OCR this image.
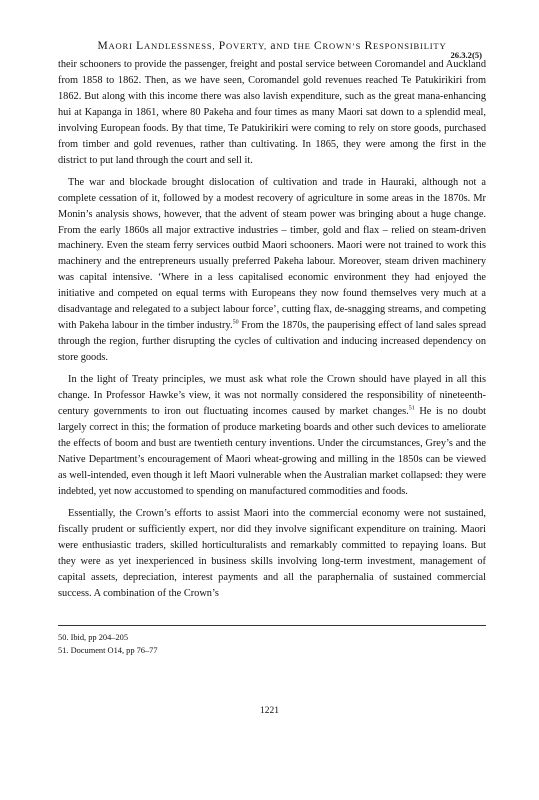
MAORI LANDLESSNESS, POVERTY, aND tHE CROWN’S RESPONSIBILITY
26.3.2(5)

their schooners to provide the passenger, freight and postal service between Coromandel and Auckland from 1858 to 1862. Then, as we have seen, Coromandel gold revenues reached Te Patukirikiri from 1862. But along with this income there was also lavish expenditure, such as the great mana-enhancing hui at Kapanga in 1861, where 80 Pakeha and four times as many Maori sat down to a splendid meal, involving European foods. By that time, Te Patukirikiri were coming to rely on store goods, purchased from timber and gold revenues, rather than cultivating. In 1865, they were among the first in the district to put land through the court and sell it.

The war and blockade brought dislocation of cultivation and trade in Hauraki, although not a complete cessation of it, followed by a modest recovery of agriculture in some areas in the 1870s. Mr Monin’s analysis shows, however, that the advent of steam power was bringing about a huge change. From the early 1860s all major extractive industries – timber, gold and flax – relied on steam-driven machinery. Even the steam ferry services outbid Maori schooners. Maori were not trained to work this machinery and the entrepreneurs usually preferred Pakeha labour. Moreover, steam driven machinery was capital intensive. ‘Where in a less capitalised economic environment they had enjoyed the initiative and competed on equal terms with Europeans they now found themselves very much at a disadvantage and relegated to a subject labour force’, cutting flax, de-snagging streams, and competing with Pakeha labour in the timber industry.$^{50}$ From the 1870s, the pauperising effect of land sales spread through the region, further disrupting the cycles of cultivation and inducing increased dependency on store goods.

In the light of Treaty principles, we must ask what role the Crown should have played in all this change. In Professor Hawke’s view, it was not normally considered the responsibility of nineteenth-century governments to iron out fluctuating incomes caused by market changes.$^{51}$ He is no doubt largely correct in this; the formation of produce marketing boards and other such devices to ameliorate the effects of boom and bust are twentieth century inventions. Under the circumstances, Grey’s and the Native Department’s encouragement of Maori wheat-growing and milling in the 1850s can be viewed as well-intended, even though it left Maori vulnerable when the Australian market collapsed: they were indebted, yet now accustomed to spending on manufactured commodities and foods.

Essentially, the Crown’s efforts to assist Maori into the commercial economy were not sustained, fiscally prudent or sufficiently expert, nor did they involve significant expenditure on training. Maori were enthusiastic traders, skilled horticulturalists and remarkably committed to repaying loans. But they were as yet inexperienced in business skills involving long-term investment, management of capital assets, depreciation, interest payments and all the paraphernalia of sustained commercial success. A combination of the Crown’s

50. Ibid, pp 204–205
51. Document O14, pp 76–77
1221
